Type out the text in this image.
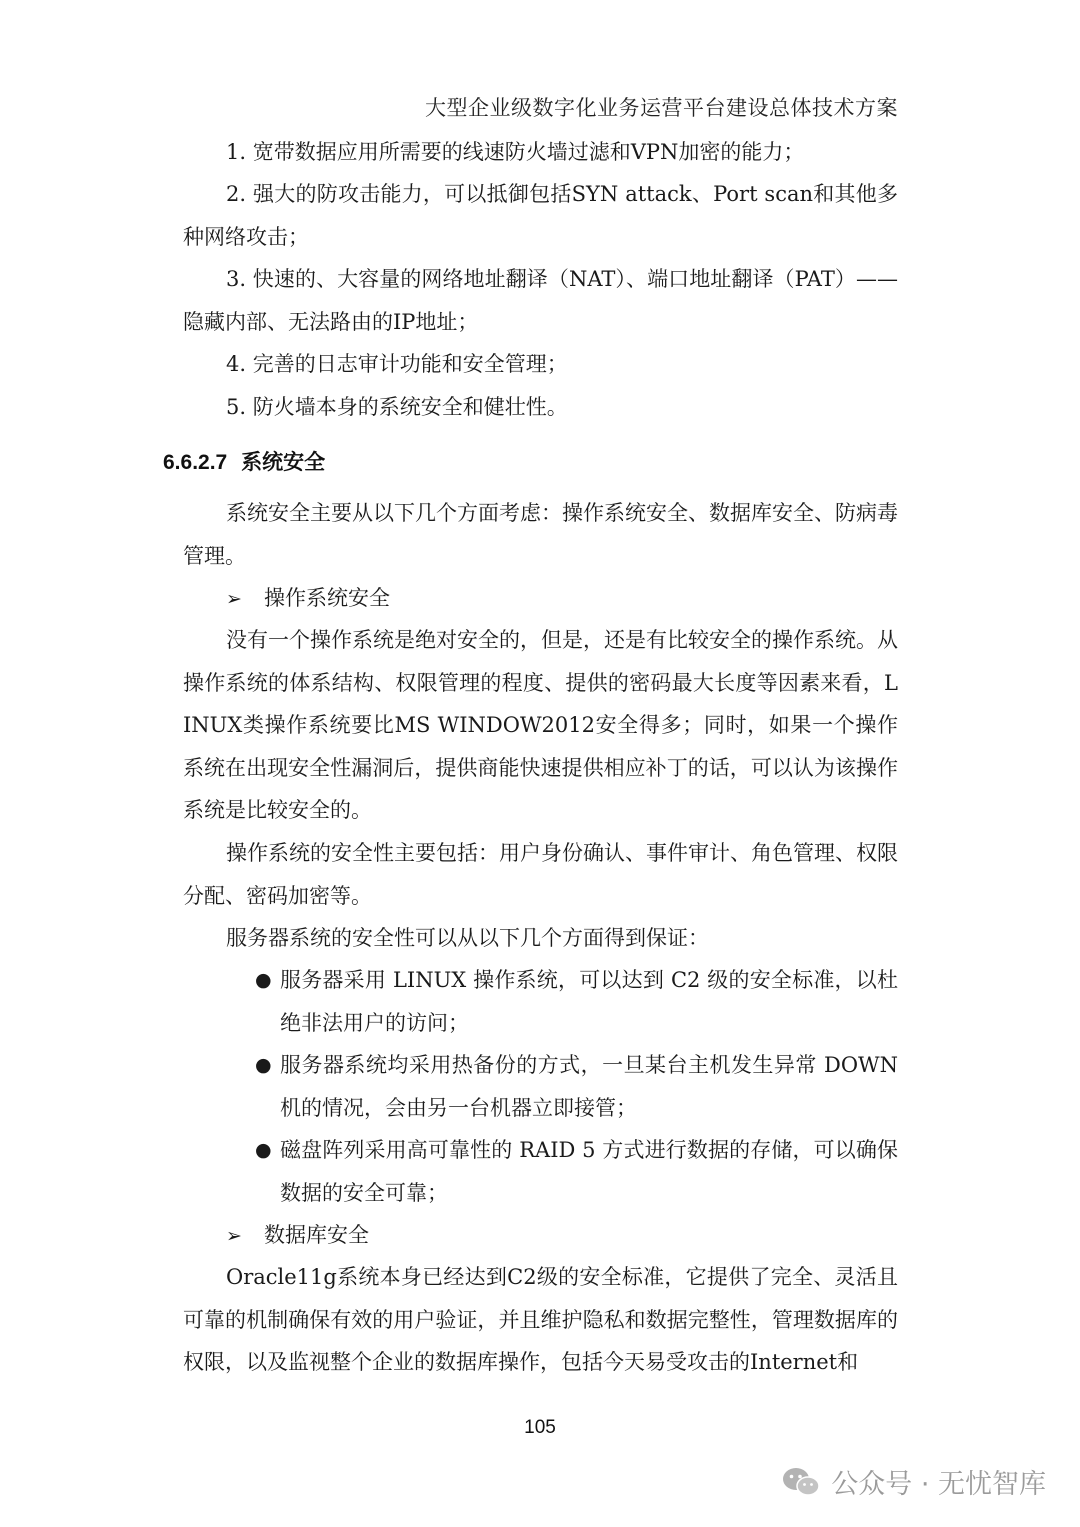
大型企业级数字化业务运营平台建设总体技术方案
1. 宽带数据应用所需要的线速防火墙过滤和VPN加密的能力；
2. 强大的防攻击能力，可以抵御包括SYN attack、Port scan和其他多种网络攻击；
3. 快速的、大容量的网络地址翻译（NAT）、端口地址翻译（PAT）——隐藏内部、无法路由的IP地址；
4. 完善的日志审计功能和安全管理；
5. 防火墙本身的系统安全和健壮性。
6.6.2.7 系统安全
系统安全主要从以下几个方面考虑：操作系统安全、数据库安全、防病毒管理。
➢ 操作系统安全
没有一个操作系统是绝对安全的，但是，还是有比较安全的操作系统。从操作系统的体系结构、权限管理的程度、提供的密码最大长度等因素来看，LINUX类操作系统要比MS WINDOW2012安全得多；同时，如果一个操作系统在出现安全性漏洞后，提供商能快速提供相应补丁的话，可以认为该操作系统是比较安全的。
操作系统的安全性主要包括：用户身份确认、事件审计、角色管理、权限分配、密码加密等。
服务器系统的安全性可以从以下几个方面得到保证：
● 服务器采用 LINUX 操作系统，可以达到 C2 级的安全标准，以杜绝非法用户的访问；
● 服务器系统均采用热备份的方式，一旦某台主机发生异常 DOWN 机的情况，会由另一台机器立即接管；
● 磁盘阵列采用高可靠性的 RAID 5 方式进行数据的存储，可以确保数据的安全可靠；
➢ 数据库安全
Oracle11g系统本身已经达到C2级的安全标准，它提供了完全、灵活且可靠的机制确保有效的用户验证，并且维护隐私和数据完整性，管理数据库的权限，以及监视整个企业的数据库操作，包括今天易受攻击的Internet和
105
公众号 · 无忧智库
